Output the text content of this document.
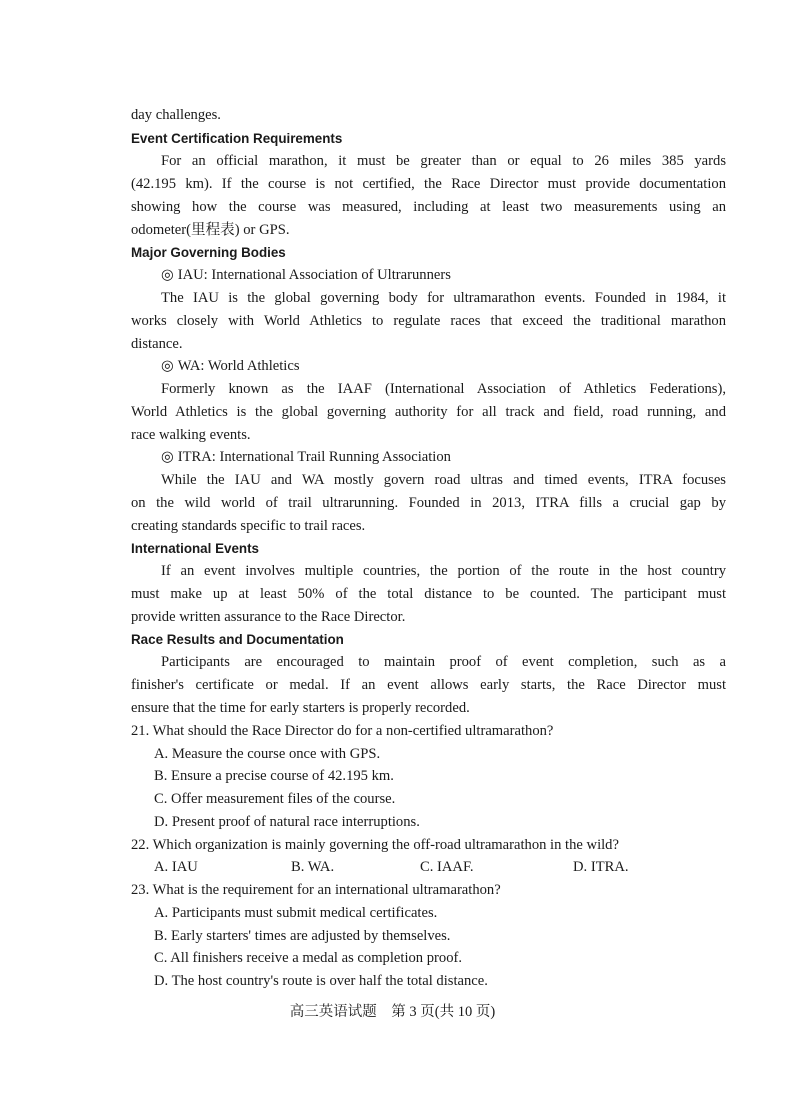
day challenges.
Event Certification Requirements
For an official marathon, it must be greater than or equal to 26 miles 385 yards
(42.195 km). If the course is not certified, the Race Director must provide documentation
showing how the course was measured, including at least two measurements using an
odometer(里程表) or GPS.
Major Governing Bodies
◎ IAU: International Association of Ultrarunners
The IAU is the global governing body for ultramarathon events. Founded in 1984, it
works closely with World Athletics to regulate races that exceed the traditional marathon
distance.
◎ WA: World Athletics
Formerly known as the IAAF (International Association of Athletics Federations),
World Athletics is the global governing authority for all track and field, road running, and
race walking events.
◎ ITRA: International Trail Running Association
While the IAU and WA mostly govern road ultras and timed events, ITRA focuses
on the wild world of trail ultrarunning. Founded in 2013, ITRA fills a crucial gap by
creating standards specific to trail races.
International Events
If an event involves multiple countries, the portion of the route in the host country
must make up at least 50% of the total distance to be counted. The participant must
provide written assurance to the Race Director.
Race Results and Documentation
Participants are encouraged to maintain proof of event completion, such as a
finisher's certificate or medal. If an event allows early starts, the Race Director must
ensure that the time for early starters is properly recorded.
21. What should the Race Director do for a non-certified ultramarathon?
A. Measure the course once with GPS.
B. Ensure a precise course of 42.195 km.
C. Offer measurement files of the course.
D. Present proof of natural race interruptions.
22. Which organization is mainly governing the off-road ultramarathon in the wild?
A. IAU	B. WA.	C. IAAF.	D. ITRA.
23. What is the requirement for an international ultramarathon?
A. Participants must submit medical certificates.
B. Early starters' times are adjusted by themselves.
C. All finishers receive a medal as completion proof.
D. The host country's route is over half the total distance.
高三英语试题　第 3 页(共 10 页)
